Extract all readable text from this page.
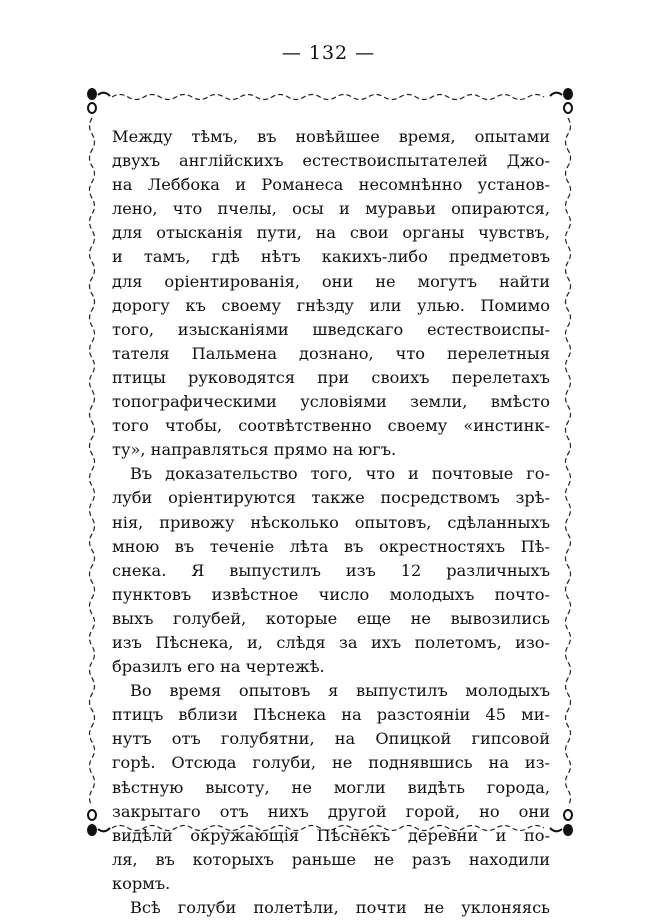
— 132 —
Между тѣмъ, въ новѣйшее время, опытами
двухъ англійскихъ естествоиспытателей Джо-
на Леббока и Романеса несомнѣнно установ-
лено, что пчелы, осы и муравьи опираются,
для отысканія пути, на свои органы чувствъ,
и тамъ, гдѣ нѣтъ какихъ-либо предметовъ
для оріентированія, они не могутъ найти
дорогу къ своему гнѣзду или улью. Помимо
того, изысканіями шведскаго естествоиспы-
тателя Пальмена дознано, что перелетныя
птицы руководятся при своихъ перелетахъ
топографическими условіями земли, вмѣсто
того чтобы, соотвѣтственно своему «инстинк-
ту», направляться прямо на югъ.
Въ доказательство того, что и почтовые го-
луби оріентируются также посредствомъ зрѣ-
нія, привожу нѣсколько опытовъ, сдѣланныхъ
мною въ теченіе лѣта въ окрестностяхъ Пѣ-
снека. Я выпустилъ изъ 12 различныхъ
пунктовъ извѣстное число молодыхъ почто-
выхъ голубей, которые еще не вывозились
изъ Пѣснека, и, слѣдя за ихъ полетомъ, изо-
бразилъ его на чертежѣ.
Во время опытовъ я выпустилъ молодыхъ
птицъ вблизи Пѣснека на разстояніи 45 ми-
нутъ отъ голубятни, на Опицкой гипсовой
горѣ. Отсюда голуби, не поднявшись на из-
вѣстную высоту, не могли видѣть города,
закрытаго отъ нихъ другой горой, но они
видѣли окружающія Пѣснекъ деревни и по-
ля, въ которыхъ раньше не разъ находили
кормъ.
Всѣ голуби полетѣли, почти не уклоняясь
